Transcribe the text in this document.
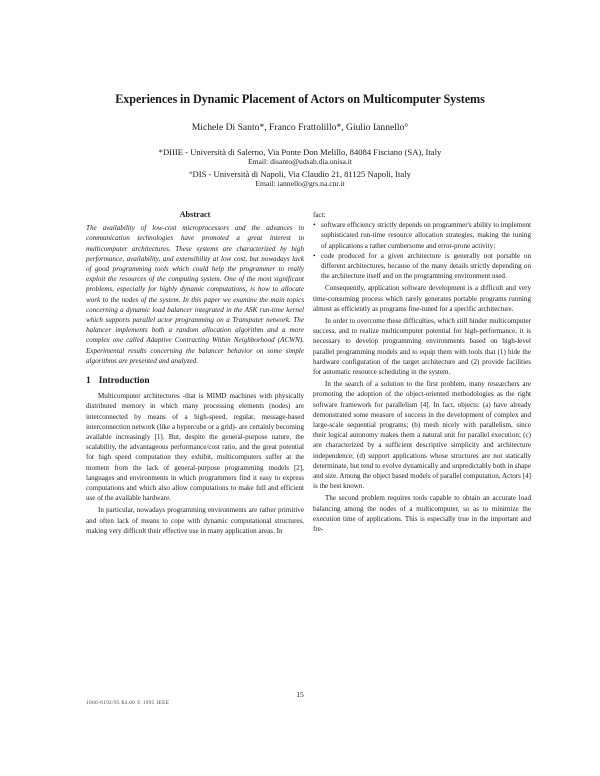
Experiences in Dynamic Placement of Actors on Multicomputer Systems
Michele Di Santo*, Franco Frattolillo*, Giulio Iannello°
*DIIIE - Università di Salerno, Via Ponte Don Melillo, 84084 Fisciano (SA), Italy
Email: disanto@udsab.dia.unisa.it
°DIS - Università di Napoli, Via Claudio 21, 81125 Napoli, Italy
Email: iannello@grs.na.cnr.it
Abstract

The availability of low-cost microprocessors and the advances in communication technologies have promoted a great interest in multicomputer architectures. These systems are characterized by high performance, availability, and extensibility at low cost, but nowadays lack of good programming tools which could help the programmer to really exploit the resources of the computing system. One of the most significant problems, especially for highly dynamic computations, is how to allocate work to the nodes of the system. In this paper we examine the main topics concerning a dynamic load balancer integrated in the ASK run-time kernel which supports parallel actor programming on a Transputer network. The balancer implements both a random allocation algorithm and a more complex one called Adaptive Contracting Within Neighborhood (ACWN). Experimental results concerning the balancer behavior on some simple algorithms are presented and analyzed.

1 Introduction

Multicomputer architectures -that is MIMD machines with physically distributed memory in which many processing elements (nodes) are interconnected by means of a high-speed, regular, message-based interconnection network (like a hypercube or a grid)- are certainly becoming available increasingly [1]. But, despite the general-purpose nature, the scalability, the advantageous performance/cost ratio, and the great potential for high speed computation they exhibit, multicomputers suffer at the moment from the lack of general-purpose programming models [2], languages and environments in which programmers find it easy to express computations and which also allow computations to make full and efficient use of the available hardware.

In particular, nowadays programming environments are rather primitive and often lack of means to cope with dynamic computational structures, making very difficult their effective use in many application areas. In

fact:

• software efficiency strictly depends on programmer's ability to implement sophisticated run-time resource allocation strategies, making the tuning of applications a rather cumbersome and error-prone activity;

• code produced for a given architecture is generally not portable on different architectures, because of the many details strictly depending on the architecture itself and on the programming environment used.

Consequently, application software development is a difficult and very time-consuming process which rarely generates portable programs running almost as efficiently as programs fine-tuned for a specific architecture.

In order to overcome these difficulties, which still hinder multicomputer success, and to realize multicomputer potential for high-performance, it is necessary to develop programming environments based on high-level parallel programming models and to equip them with tools that (1) hide the hardware configuration of the target architecture and (2) provide facilities for automatic resource scheduling in the system.

In the search of a solution to the first problem, many researchers are promoting the adoption of the object-oriented methodologies as the right software framework for parallelism [4]. In fact, objects: (a) have already demonstrated some measure of success in the development of complex and large-scale sequential programs; (b) mesh nicely with parallelism, since their logical autonomy makes them a natural unit for parallel execution; (c) are characterized by a sufficient descriptive simplicity and architecture independence; (d) support applications whose structures are not statically determinate, but tend to evolve dynamically and unpredictably both in shape and size. Among the object based models of parallel computation, Actors [4] is the best known.

The second problem requires tools capable to obtain an accurate load balancing among the nodes of a multicomputer, so as to minimize the execution time of applications. This is especially true in the important and fre-

15
1066-6192/95 $4.00 © 1995 IEEE
